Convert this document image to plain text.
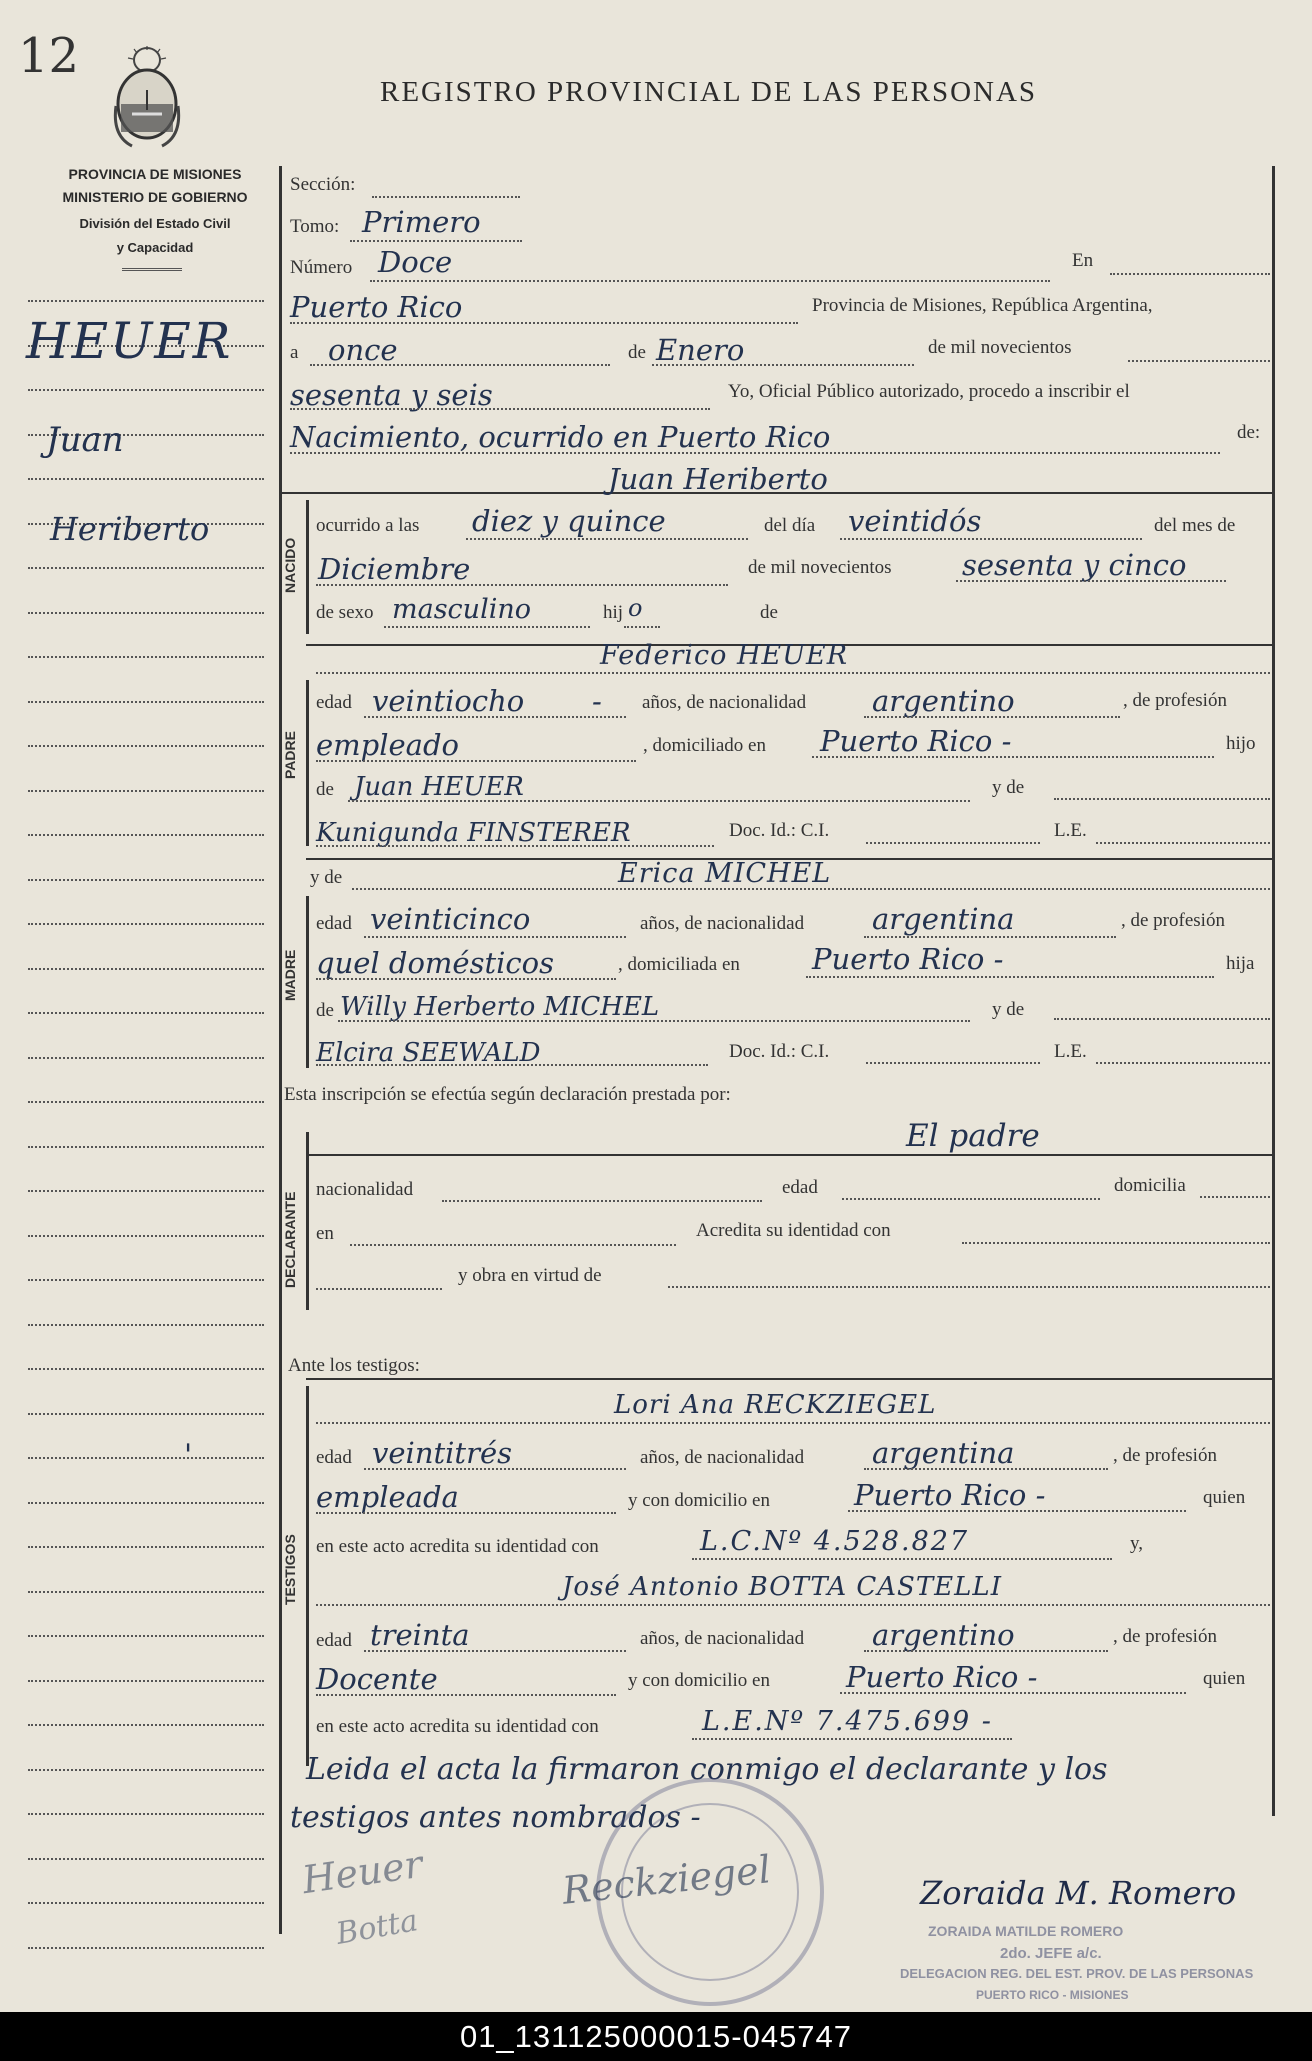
12
REGISTRO PROVINCIAL DE LAS PERSONAS
PROVINCIA DE MISIONES
MINISTERIO DE GOBIERNO
División del Estado Civil
y Capacidad
HEUER
Juan
Heriberto
'
Sección:
Tomo: Primero
Número Doce	En
Puerto Rico	Provincia de Misiones, República Argentina,
a once	de Enero	de mil novecientos
sesenta y seis	Yo, Oficial Público autorizado, procedo a inscribir el
Nacimiento, ocurrido en Puerto Rico	de:
Juan Heriberto
NACIDO
ocurrido a las diez y quince	del día veintidós	del mes de
Diciembre	de mil novecientos sesenta y cinco
de sexo masculino	hij o	de
Federico HEUER
PADRE
edad veintiocho - años, de nacionalidad argentino	, de profesión
empleado	, domiciliado en Puerto Rico -	hijo
de Juan HEUER	y de
Kunigunda FINSTERER	Doc. Id.: C.I.	L.E.
y de	Erica MICHEL
MADRE
edad veinticinco	años, de nacionalidad argentina	, de profesión
quel domésticos	, domiciliada en Puerto Rico -	hija
de Willy Herberto MICHEL	y de
Elcira SEEWALD	Doc. Id.: C.I.	L.E.
Esta inscripción se efectúa según declaración prestada por:
El padre
DECLARANTE
nacionalidad	edad	domicilia
en	Acredita su identidad con
y obra en virtud de
Ante los testigos:
TESTIGOS
Lori Ana RECKZIEGEL
edad veintitrés	años, de nacionalidad argentina	, de profesión
empleada	y con domicilio en	Puerto Rico -	quien
en este acto acredita su identidad con	L.C.Nº 4.528.827	y,
José Antonio BOTTA CASTELLI
edad treinta	años, de nacionalidad argentino	, de profesión
Docente	y con domicilio en	Puerto Rico -	quien
en este acto acredita su identidad con	L.E.Nº 7.475.699 -
Leida el acta la firmaron conmigo el declarante y los
testigos antes nombrados -
Heuer	Reckziegel
Botta
Zoraida M. Romero
ZORAIDA MATILDE ROMERO
2do. JEFE a/c.
DELEGACION REG. DEL EST. PROV. DE LAS PERSONAS
PUERTO RICO - MISIONES
01_131125000015-045747
